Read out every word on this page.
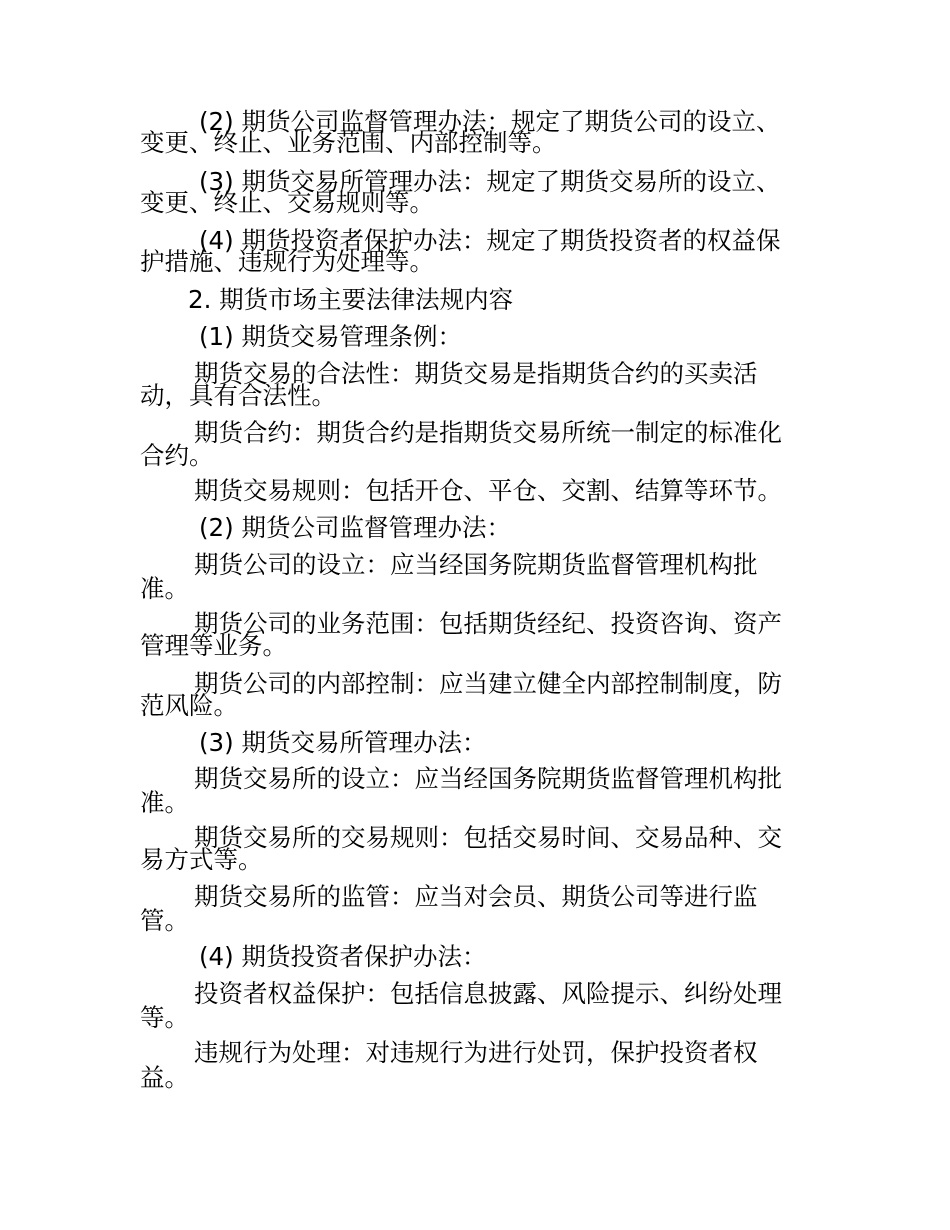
(2) 期货公司监督管理办法：规定了期货公司的设立、
变更、终止、业务范围、内部控制等。
(3) 期货交易所管理办法：规定了期货交易所的设立、
变更、终止、交易规则等。
(4) 期货投资者保护办法：规定了期货投资者的权益保
护措施、违规行为处理等。
2. 期货市场主要法律法规内容
(1) 期货交易管理条例：
期货交易的合法性：期货交易是指期货合约的买卖活
动，具有合法性。
期货合约：期货合约是指期货交易所统一制定的标准化
合约。
期货交易规则：包括开仓、平仓、交割、结算等环节。
(2) 期货公司监督管理办法：
期货公司的设立：应当经国务院期货监督管理机构批
准。
期货公司的业务范围：包括期货经纪、投资咨询、资产
管理等业务。
期货公司的内部控制：应当建立健全内部控制制度，防
范风险。
(3) 期货交易所管理办法：
期货交易所的设立：应当经国务院期货监督管理机构批
准。
期货交易所的交易规则：包括交易时间、交易品种、交
易方式等。
期货交易所的监管：应当对会员、期货公司等进行监
管。
(4) 期货投资者保护办法：
投资者权益保护：包括信息披露、风险提示、纠纷处理
等。
违规行为处理：对违规行为进行处罚，保护投资者权
益。
